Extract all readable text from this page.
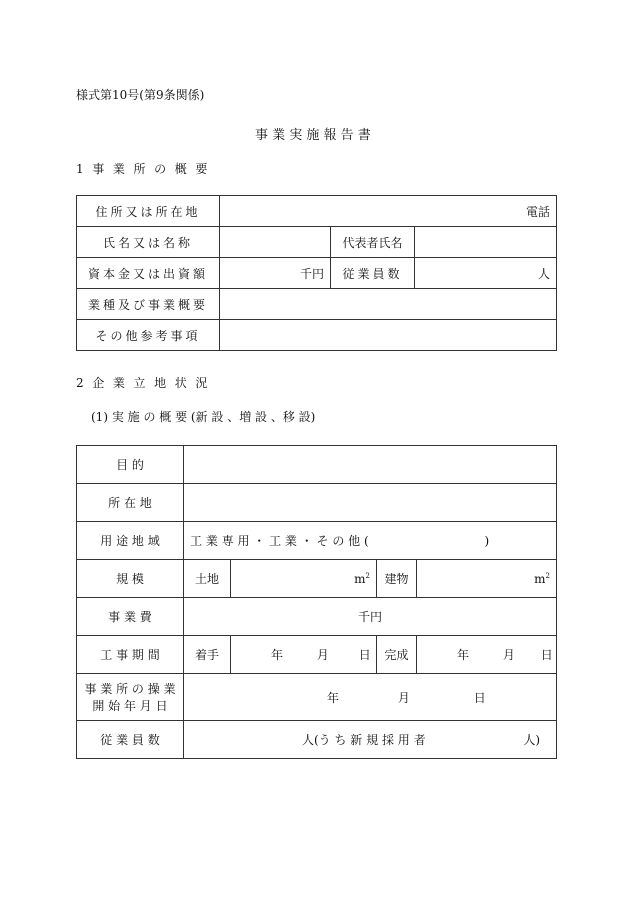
様式第10号(第9条関係)
事 業 実 施 報 告 書
1 事 業 所 の 概 要
住所又は所在地	電話		
氏名又は名称		代表者氏名	
資本金又は出資額	千円	従業員数	人
業種及び事業概要			
その他参考事項			
2 企 業 立 地 状 況
(1) 実 施 の 概 要 (新 設 、増 設 、移 設)
目 的				
所 在 地				
用 途 地 域	工 業 専 用 ・ 工 業 ・ そ の 他 ( )			
規 模	土地	$m^2$	建物	$m^2$
事 業 費	千円			
工 事 期 間	着手	年 月 日	完成	年 月 日

事 業 所 の 操 業
開 始 年 月 日	年 月 日			
従 業 員 数	人(う ち 新 規 採 用 者 人)			
